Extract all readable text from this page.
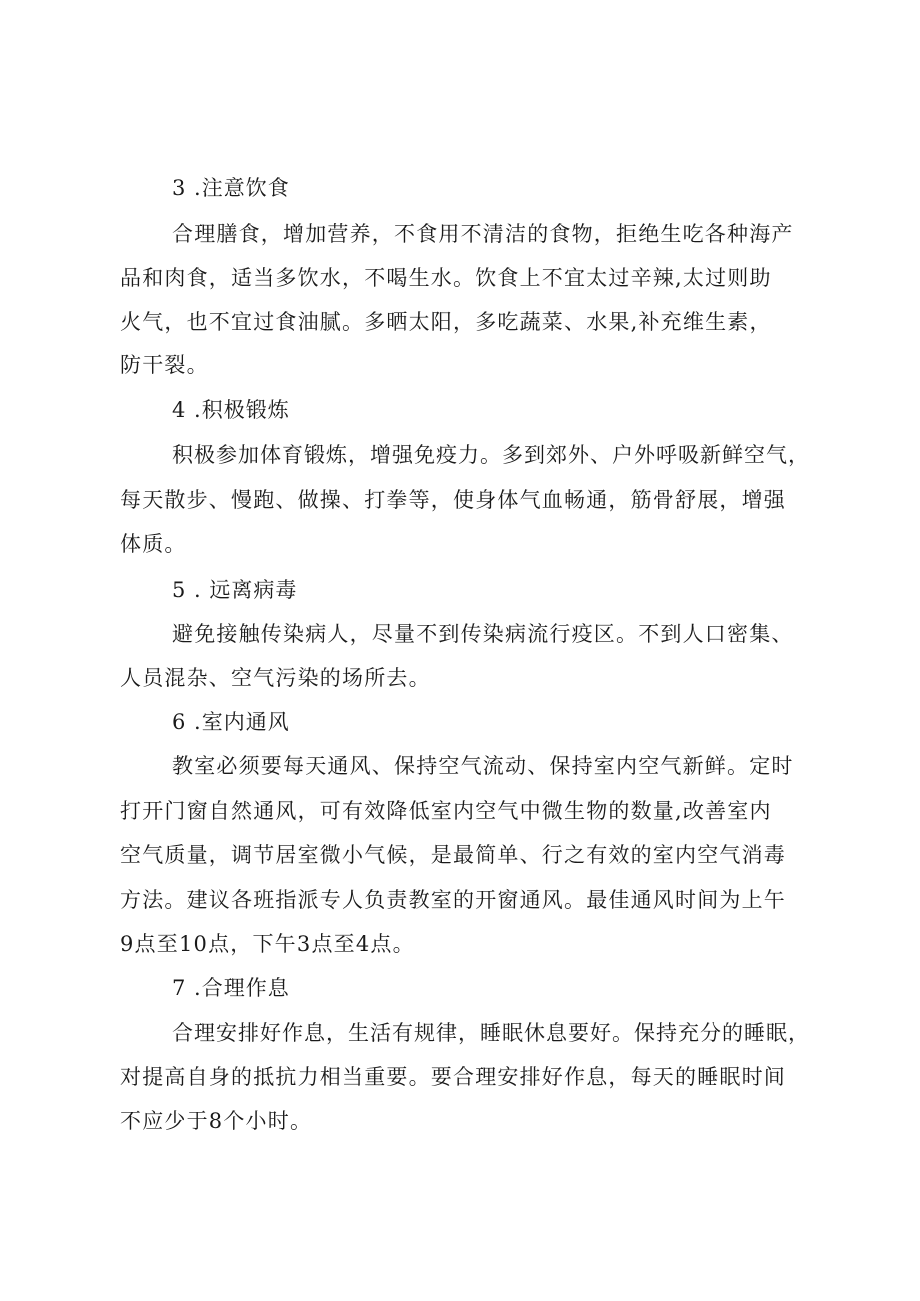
3 .注意饮食
合理膳食，增加营养，不食用不清洁的食物，拒绝生吃各种海产
品和肉食，适当多饮水，不喝生水。饮食上不宜太过辛辣,太过则助
火气，也不宜过食油腻。多晒太阳，多吃蔬菜、水果,补充维生素，
防干裂。
4 .积极锻炼
积极参加体育锻炼，增强免疫力。多到郊外、户外呼吸新鲜空气，
每天散步、慢跑、做操、打拳等，使身体气血畅通，筋骨舒展，增强
体质。
5 . 远离病毒
避免接触传染病人，尽量不到传染病流行疫区。不到人口密集、
人员混杂、空气污染的场所去。
6 .室内通风
教室必须要每天通风、保持空气流动、保持室内空气新鲜。定时
打开门窗自然通风，可有效降低室内空气中微生物的数量,改善室内
空气质量，调节居室微小气候，是最简单、行之有效的室内空气消毒
方法。建议各班指派专人负责教室的开窗通风。最佳通风时间为上午
9点至10点，下午3点至4点。
7 .合理作息
合理安排好作息，生活有规律，睡眠休息要好。保持充分的睡眠，
对提高自身的抵抗力相当重要。要合理安排好作息，每天的睡眠时间
不应少于8个小时。
